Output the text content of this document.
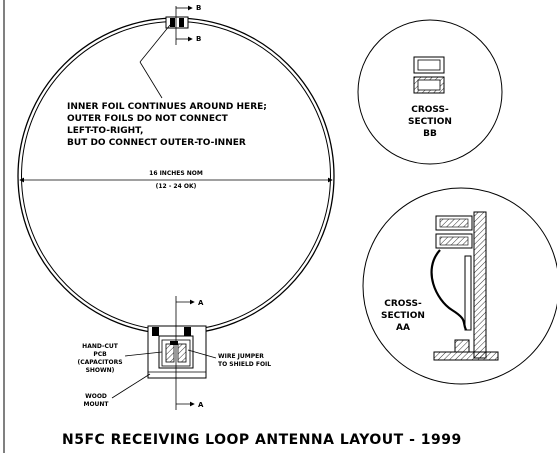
B
B
INNER FOIL CONTINUES AROUND HERE;
OUTER FOILS DO NOT CONNECT
LEFT-TO-RIGHT,
BUT DO CONNECT OUTER-TO-INNER
16 INCHES NOM
(12 - 24 OK)
A
A
HAND-CUT
PCB
(CAPACITORS
SHOWN)
WIRE JUMPER
TO SHIELD FOIL
WOOD
MOUNT
CROSS-
SECTION
BB
CROSS-
SECTION
AA
N5FC RECEIVING LOOP ANTENNA LAYOUT - 1999
